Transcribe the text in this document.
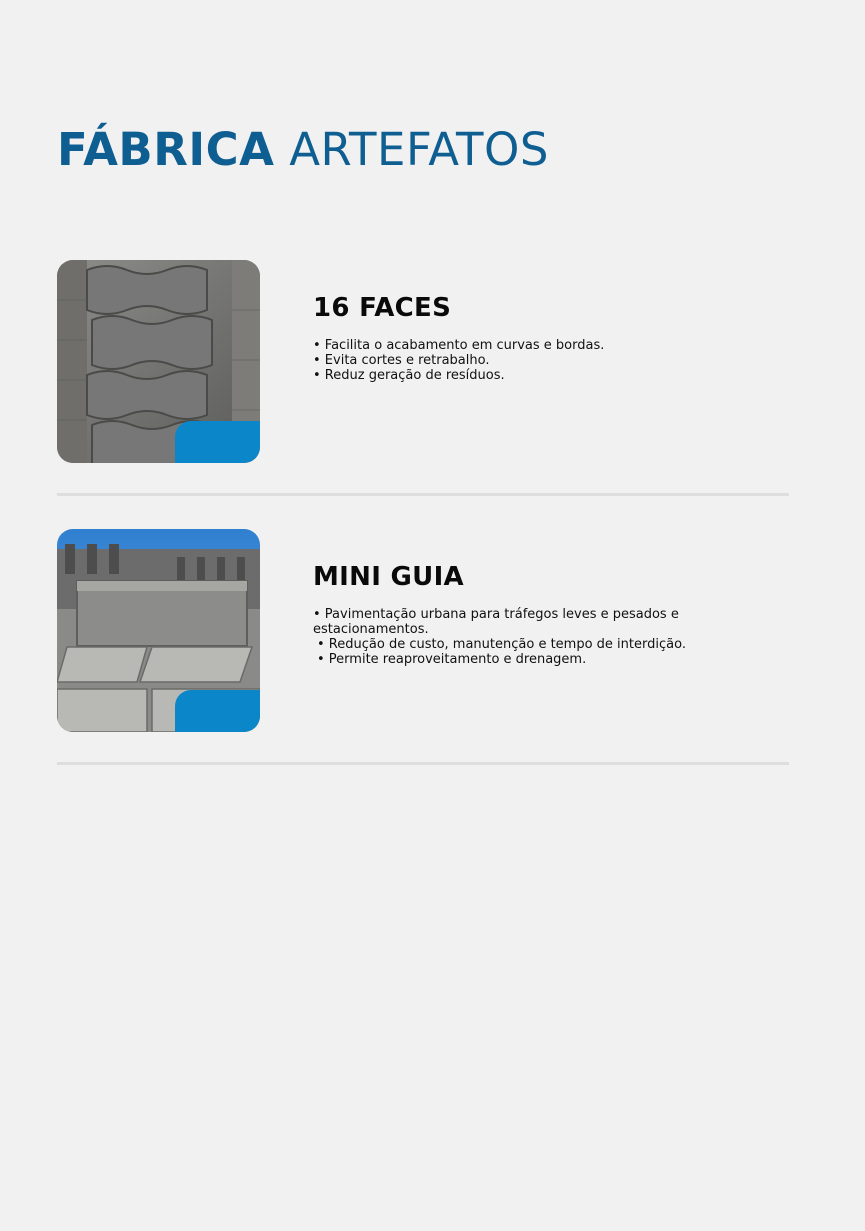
FÁBRICA ARTEFATOS
16 FACES
• Facilita o acabamento em curvas e bordas.
• Evita cortes e retrabalho.
• Reduz geração de resíduos.
MINI GUIA
• Pavimentação urbana para tráfegos leves e pesados e estacionamentos.
• Redução de custo, manutenção e tempo de interdição.
• Permite reaproveitamento e drenagem.
